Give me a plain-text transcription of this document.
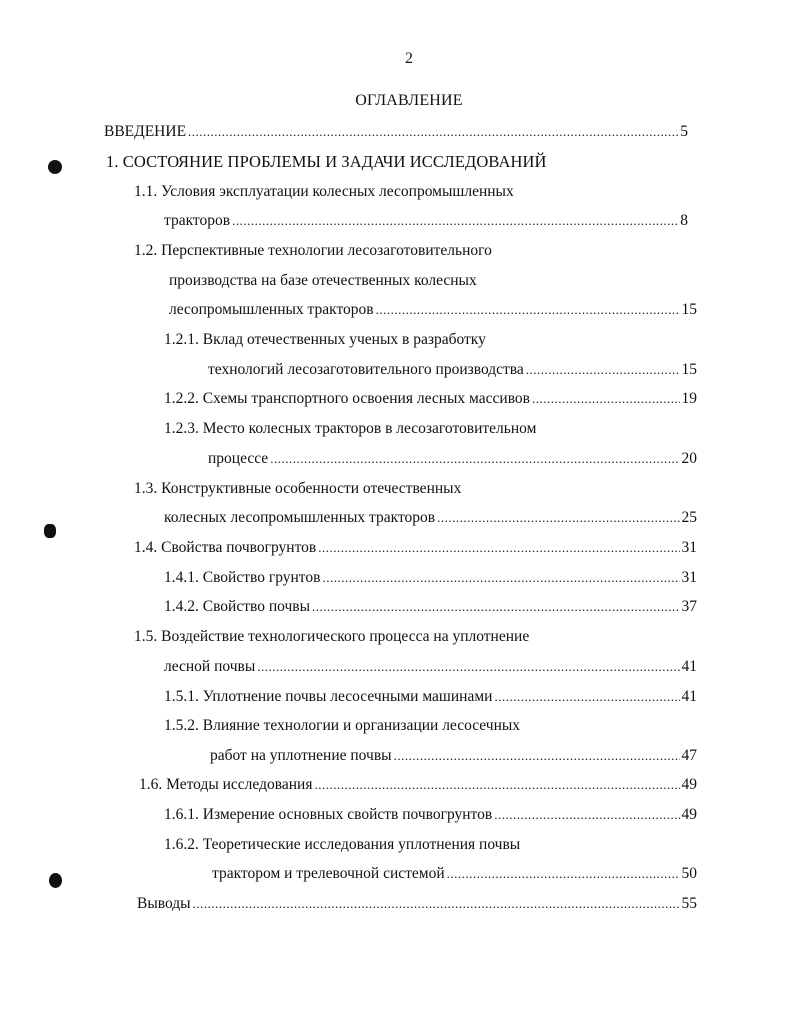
2
ОГЛАВЛЕНИЕ
ВВЕДЕНИЕ .....	5
1. СОСТОЯНИЕ ПРОБЛЕМЫ И ЗАДАЧИ ИССЛЕДОВАНИЙ
1.1. Условия эксплуатации колесных лесопромышленных
тракторов .....	8
1.2. Перспективные технологии лесозаготовительного
производства на базе отечественных колесных
лесопромышленных тракторов .....	15
1.2.1. Вклад отечественных ученых в разработку
технологий лесозаготовительного производства .....	15
1.2.2. Схемы транспортного освоения лесных массивов .....	19
1.2.3. Место колесных тракторов в лесозаготовительном
процессе .....	20
1.3. Конструктивные особенности отечественных
колесных лесопромышленных тракторов .....	25
1.4. Свойства почвогрунтов .....	31
1.4.1. Свойство грунтов .....	31
1.4.2. Свойство почвы .....	37
1.5. Воздействие технологического процесса на уплотнение
лесной почвы .....	41
1.5.1. Уплотнение почвы лесосечными машинами .....	41
1.5.2. Влияние технологии и организации лесосечных
работ на уплотнение почвы .....	47
1.6. Методы исследования .....	49
1.6.1. Измерение основных свойств почвогрунтов .....	49
1.6.2. Теоретические исследования уплотнения почвы
трактором и трелевочной системой .....	50
Выводы .....	55
